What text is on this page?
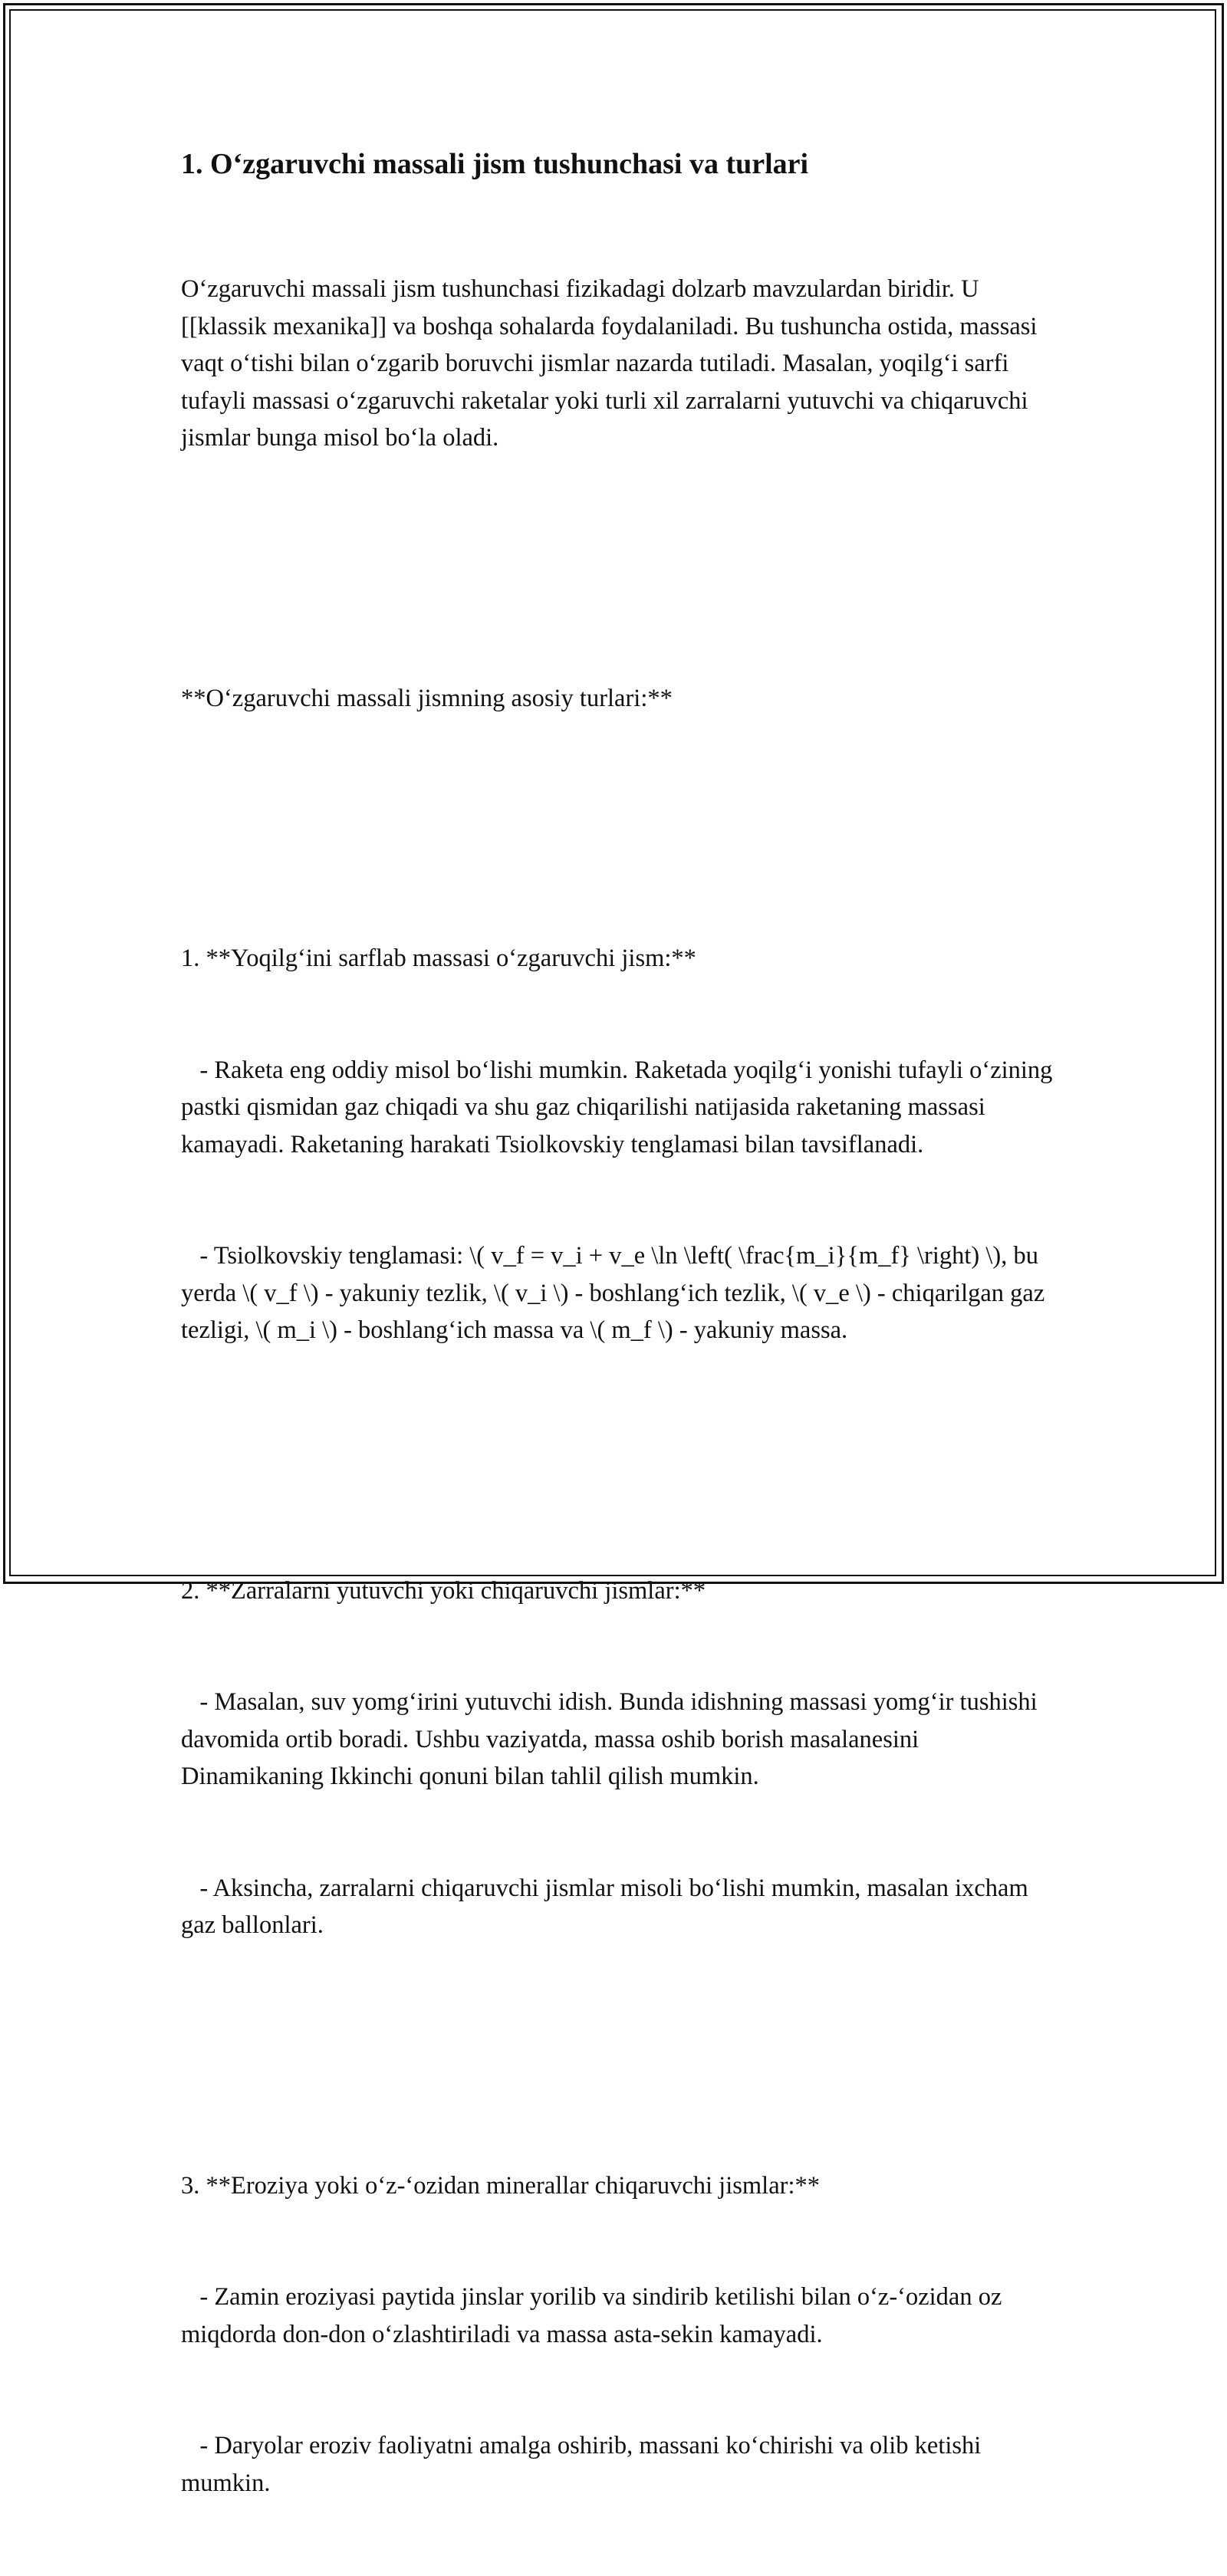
1. O‘zgaruvchi massali jism tushunchasi va turlari

O‘zgaruvchi massali jism tushunchasi fizikadagi dolzarb mavzulardan biridir. U [[klassik mexanika]] va boshqa sohalarda foydalaniladi. Bu tushuncha ostida, massasi vaqt o‘tishi bilan o‘zgarib boruvchi jismlar nazarda tutiladi. Masalan, yoqilg‘i sarfi tufayli massasi o‘zgaruvchi raketalar yoki turli xil zarralarni yutuvchi va chiqaruvchi jismlar bunga misol bo‘la oladi.

**O‘zgaruvchi massali jismning asosiy turlari:**

1. **Yoqilg‘ini sarflab massasi o‘zgaruvchi jism:**

- Raketa eng oddiy misol bo‘lishi mumkin. Raketada yoqilg‘i yonishi tufayli o‘zining pastki qismidan gaz chiqadi va shu gaz chiqarilishi natijasida raketaning massasi kamayadi. Raketaning harakati Tsiolkovskiy tenglamasi bilan tavsiflanadi.

- Tsiolkovskiy tenglamasi: \( v_f = v_i + v_e \ln \left( \frac{m_i}{m_f} \right) \), bu yerda \( v_f \) - yakuniy tezlik, \( v_i \) - boshlang‘ich tezlik, \( v_e \) - chiqarilgan gaz tezligi, \( m_i \) - boshlang‘ich massa va \( m_f \) - yakuniy massa.

2. **Zarralarni yutuvchi yoki chiqaruvchi jismlar:**

- Masalan, suv yomg‘irini yutuvchi idish. Bunda idishning massasi yomg‘ir tushishi davomida ortib boradi. Ushbu vaziyatda, massa oshib borish masalanesini Dinamikaning Ikkinchi qonuni bilan tahlil qilish mumkin.

- Aksincha, zarralarni chiqaruvchi jismlar misoli bo‘lishi mumkin, masalan ixcham gaz ballonlari.

3. **Eroziya yoki o‘z-‘ozidan minerallar chiqaruvchi jismlar:**

- Zamin eroziyasi paytida jinslar yorilib va sindirib ketilishi bilan o‘z-‘ozidan oz miqdorda don-don o‘zlashtiriladi va massa asta-sekin kamayadi.

- Daryolar eroziv faoliyatni amalga oshirib, massani ko‘chirishi va olib ketishi mumkin.
